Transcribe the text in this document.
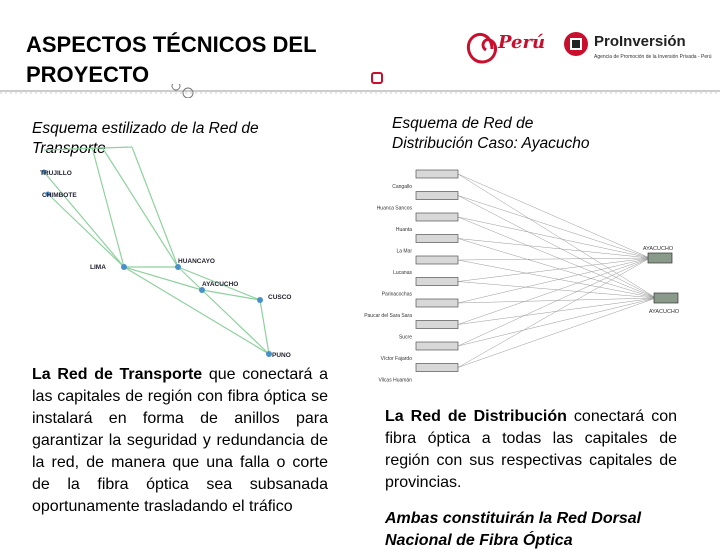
ASPECTOS TÉCNICOS DEL PROYECTO
Perú	ProInversión
Agencia de Promoción de la Inversión Privada - Perú
Esquema estilizado de la Red de Transporte
TRUJILLO
CHIMBOTE
LIMA
HUANCAYO
AYACUCHO
CUSCO
PUNO
Esquema de Red de Distribución Caso: Ayacucho
Cangallo
Huanca Sancos
Huanta
La Mar
Lucanas
Parinacochas
Paucar del Sara Sara
Sucre
Víctor Fajardo
Vilcas Huamán
AYACUCHO
AYACUCHO
La Red de Transporte que conectará a las capitales de región con fibra óptica se instalará en forma de anillos para garantizar la seguridad y redundancia de la red, de manera que una falla o corte de la fibra óptica sea subsanada oportunamente trasladando el tráfico
La Red de Distribución conectará con fibra óptica a todas las capitales de región con sus respectivas capitales de provincias.
Ambas constituirán la Red Dorsal Nacional de Fibra Óptica
